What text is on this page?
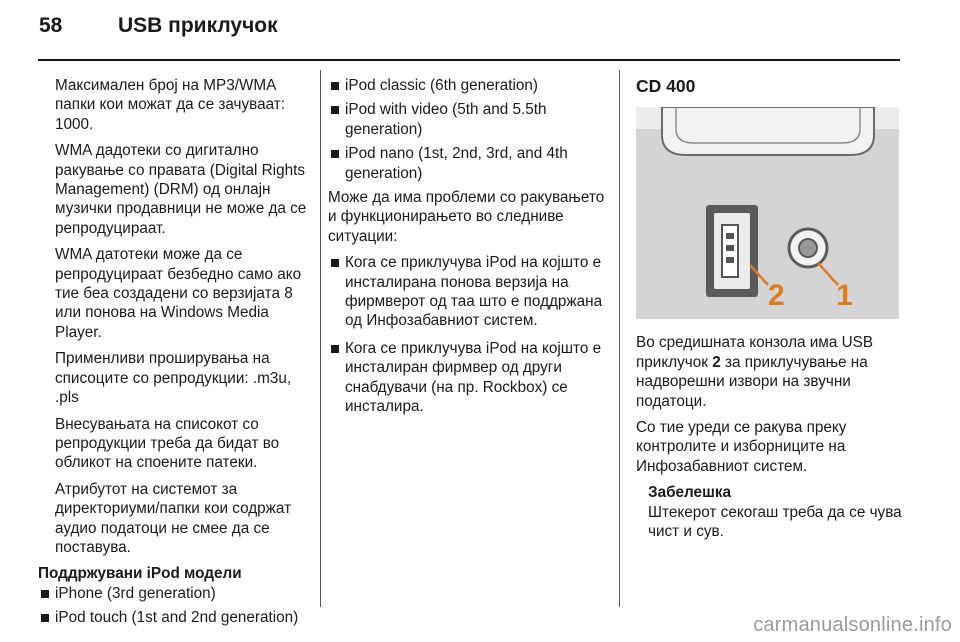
58	USB приклучок

Максимален број на MP3/WMA папки кои можат да се зачуваат: 1000.

WMA дадотеки со дигитално ракување со правата (Digital Rights Management) (DRM) од онлајн музички продавници не може да се репродуцираат.

WMA датотеки може да се репродуцираат безбедно само ако тие беа создадени со верзијата 8 или понова на Windows Media Player.

Применливи проширувања на списоците со репродукции: .m3u, .pls

Внесувањата на списокот со репродукции треба да бидат во обликот на споените патеки.

Атрибутот на системот за директориуми/папки кои содржат аудио податоци не смее да се поставува.

Поддржувани iPod модели
iPhone (3rd generation)
iPod touch (1st and 2nd generation)
iPod classic (6th generation)
iPod with video (5th and 5.5th generation)
iPod nano (1st, 2nd, 3rd, and 4th generation)

Може да има проблеми со ракувањето и функционирањето во следниве ситуации:

Кога се приклучува iPod на којшто е инсталирана понова верзија на фирмверот од таа што е поддржана од Инфозабавниот систем.
Кога се приклучува iPod на којшто е инсталиран фирмвер од други снабдувачи (на пр. Rockbox) се инсталира.
CD 400
2 1

Во средишната конзола има USB приклучок 2 за приклучување на надворешни извори на звучни податоци.

Со тие уреди се ракува преку контролите и изборниците на Инфозабавниот систем.

Забелешка
Штекерот секогаш треба да се чува чист и сув.
carmanualsonline.info
